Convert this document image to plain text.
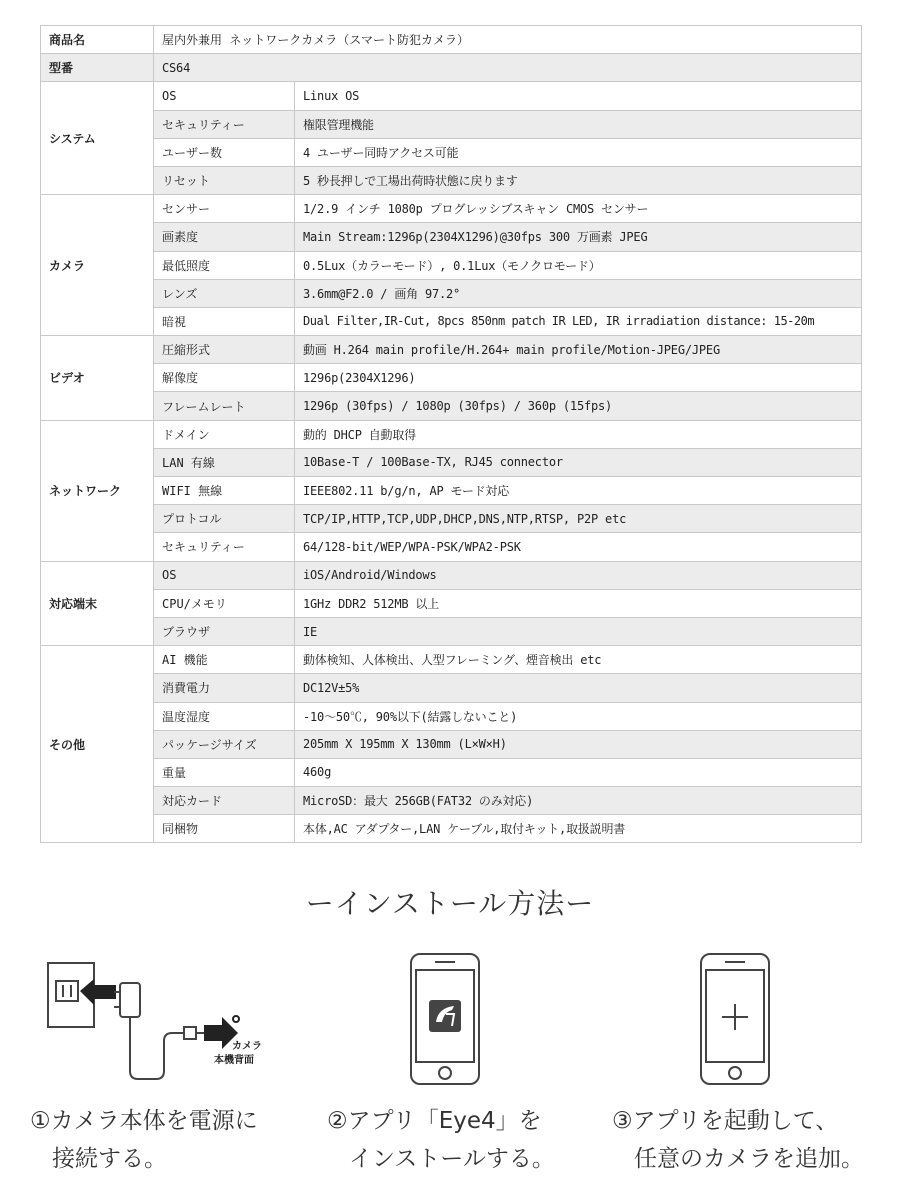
商品名	屋内外兼用 ネットワークカメラ（スマート防犯カメラ）	
型番	CS64	
システム	OS	Linux OS
	セキュリティー	権限管理機能
	ユーザー数	4 ユーザー同時アクセス可能
	リセット	5 秒長押しで工場出荷時状態に戻ります
カメラ	センサー	1/2.9 インチ 1080p プログレッシブスキャン CMOS センサー
	画素度	Main Stream:1296p(2304X1296)@30fps 300 万画素 JPEG
	最低照度	0.5Lux（カラーモード）, 0.1Lux（モノクロモード）
	レンズ	3.6mm@F2.0 / 画角 97.2°
	暗視	Dual Filter,IR-Cut, 8pcs 850nm patch IR LED, IR irradiation distance: 15-20m
ビデオ	圧縮形式	動画 H.264 main profile/H.264+ main profile/Motion-JPEG/JPEG
	解像度	1296p(2304X1296)
	フレームレート	1296p (30fps) / 1080p (30fps) / 360p (15fps)
ネットワーク	ドメイン	動的 DHCP 自動取得
	LAN 有線	10Base-T / 100Base-TX, RJ45 connector
	WIFI 無線	IEEE802.11 b/g/n, AP モード対応
	プロトコル	TCP/IP,HTTP,TCP,UDP,DHCP,DNS,NTP,RTSP, P2P etc
	セキュリティー	64/128-bit/WEP/WPA-PSK/WPA2-PSK
対応端末	OS	iOS/Android/Windows
	CPU/メモリ	1GHz DDR2 512MB 以上
	ブラウザ	IE
その他	AI 機能	動体検知、人体検出、人型フレーミング、煙音検出 etc
	消費電力	DC12V±5%
	温度湿度	-10～50℃, 90%以下(結露しないこと)
	パッケージサイズ	205mm X 195mm X 130mm (L×W×H)
	重量	460g
	対応カード	MicroSD：最大 256GB(FAT32 のみ対応)
	同梱物	本体,AC アダプター,LAN ケーブル,取付キット,取扱説明書
ーインストール方法ー
カメラ
本機背面
①カメラ本体を電源に
接続する。
②アプリ「Eye4」を
インストールする。
③アプリを起動して、
任意のカメラを追加。
